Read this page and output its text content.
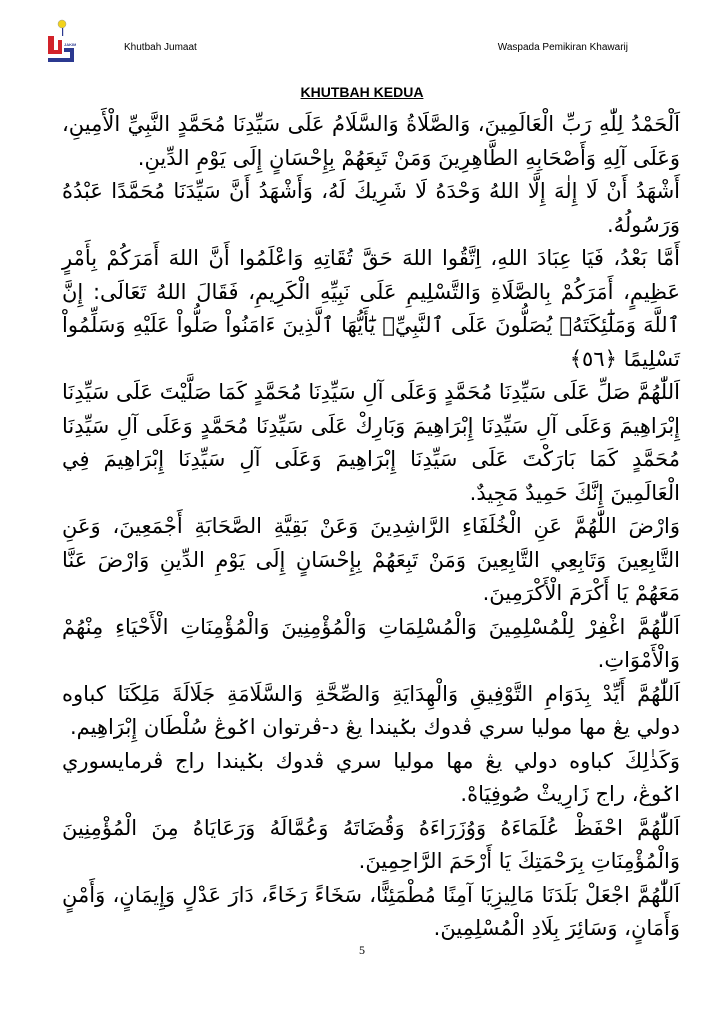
JAKIM	Khutbah Jumaat	Waspada Pemikiran Khawarij
KHUTBAH KEDUA

اَلْحَمْدُ لِلّٰهِ رَبِّ الْعَالَمِينَ، وَالصَّلَاةُ وَالسَّلَامُ عَلَى سَيِّدِنَا مُحَمَّدٍ النَّبِيِّ الْأَمِينِ، وَعَلَى آلِهِ وَأَصْحَابِهِ الطَّاهِرِينَ وَمَنْ تَبِعَهُمْ بِإِحْسَانٍ إِلَى يَوْمِ الدِّينِ.

أَشْهَدُ أَنْ لَا إِلٰهَ إِلَّا اللهُ وَحْدَهُ لَا شَرِيكَ لَهُ، وَأَشْهَدُ أَنَّ سَيِّدَنَا مُحَمَّدًا عَبْدُهُ وَرَسُولُهُ.

أَمَّا بَعْدُ، فَيَا عِبَادَ اللهِ، اِتَّقُوا اللهَ حَقَّ تُقَاتِهِ وَاعْلَمُوا أَنَّ اللهَ أَمَرَكُمْ بِأَمْرٍ عَظِيمٍ، أَمَرَكُمْ بِالصَّلَاةِ وَالتَّسْلِيمِ عَلَى نَبِيِّهِ الْكَرِيمِ، فَقَالَ اللهُ تَعَالَى: إِنَّ ٱللَّهَ وَمَلَٰٓئِكَتَهُۥ يُصَلُّونَ عَلَى ٱلنَّبِيِّۚ يَٰٓأَيُّهَا ٱلَّذِينَ ءَامَنُواْ صَلُّواْ عَلَيْهِ وَسَلِّمُواْ تَسْلِيمًا ﴿٥٦﴾

اَللّٰهُمَّ صَلِّ عَلَى سَيِّدِنَا مُحَمَّدٍ وَعَلَى آلِ سَيِّدِنَا مُحَمَّدٍ كَمَا صَلَّيْتَ عَلَى سَيِّدِنَا إِبْرَاهِيمَ وَعَلَى آلِ سَيِّدِنَا إِبْرَاهِيمَ وَبَارِكْ عَلَى سَيِّدِنَا مُحَمَّدٍ وَعَلَى آلِ سَيِّدِنَا مُحَمَّدٍ كَمَا بَارَكْتَ عَلَى سَيِّدِنَا إِبْرَاهِيمَ وَعَلَى آلِ سَيِّدِنَا إِبْرَاهِيمَ فِي الْعَالَمِينَ إِنَّكَ حَمِيدٌ مَجِيدٌ.

وَارْضَ اللّٰهُمَّ عَنِ الْخُلَفَاءِ الرَّاشِدِينَ وَعَنْ بَقِيَّةِ الصَّحَابَةِ أَجْمَعِينَ، وَعَنِ التَّابِعِينَ وَتَابِعِي التَّابِعِينَ وَمَنْ تَبِعَهُمْ بِإِحْسَانٍ إِلَى يَوْمِ الدِّينِ وَارْضَ عَنَّا مَعَهُمْ يَا أَكْرَمَ الْأَكْرَمِينَ.

اَللّٰهُمَّ اغْفِرْ لِلْمُسْلِمِينَ وَالْمُسْلِمَاتِ وَالْمُؤْمِنِينَ وَالْمُؤْمِنَاتِ الْأَحْيَاءِ مِنْهُمْ وَالْأَمْوَاتِ.

اَللّٰهُمَّ أَيِّدْ بِدَوَامِ التَّوْفِيقِ وَالْهِدَايَةِ وَالصِّحَّةِ وَالسَّلَامَةِ جَلَالَةَ مَلِكَنَا كباوه دولي يڠ مها موليا سري ڤدوك بݢيندا يڠ د-ڤرتوان اݢوڠ سُلْطَان إِبْرَاهِيم.

وَكَذٰلِكَ كباوه دولي يڠ مها موليا سري ڤدوك بݢيندا راج ڤرمايسوري اݢوڠ، راج زَارِيثْ صُوفِيَاهْ.

اَللّٰهُمَّ احْفَظْ عُلَمَاءَهُ وَوُزَرَاءَهُ وَقُضَاتَهُ وَعُمَّالَهُ وَرَعَايَاهُ مِنَ الْمُؤْمِنِينَ وَالْمُؤْمِنَاتِ بِرَحْمَتِكَ يَا أَرْحَمَ الرَّاحِمِينَ.

اَللّٰهُمَّ اجْعَلْ بَلَدَنَا مَالِيزِيَا آمِنًا مُطْمَئِنًّا، سَخَاءً رَخَاءً، دَارَ عَدْلٍ وَإِيمَانٍ، وَأَمْنٍ وَأَمَانٍ، وَسَائِرَ بِلَادِ الْمُسْلِمِينَ.

5
